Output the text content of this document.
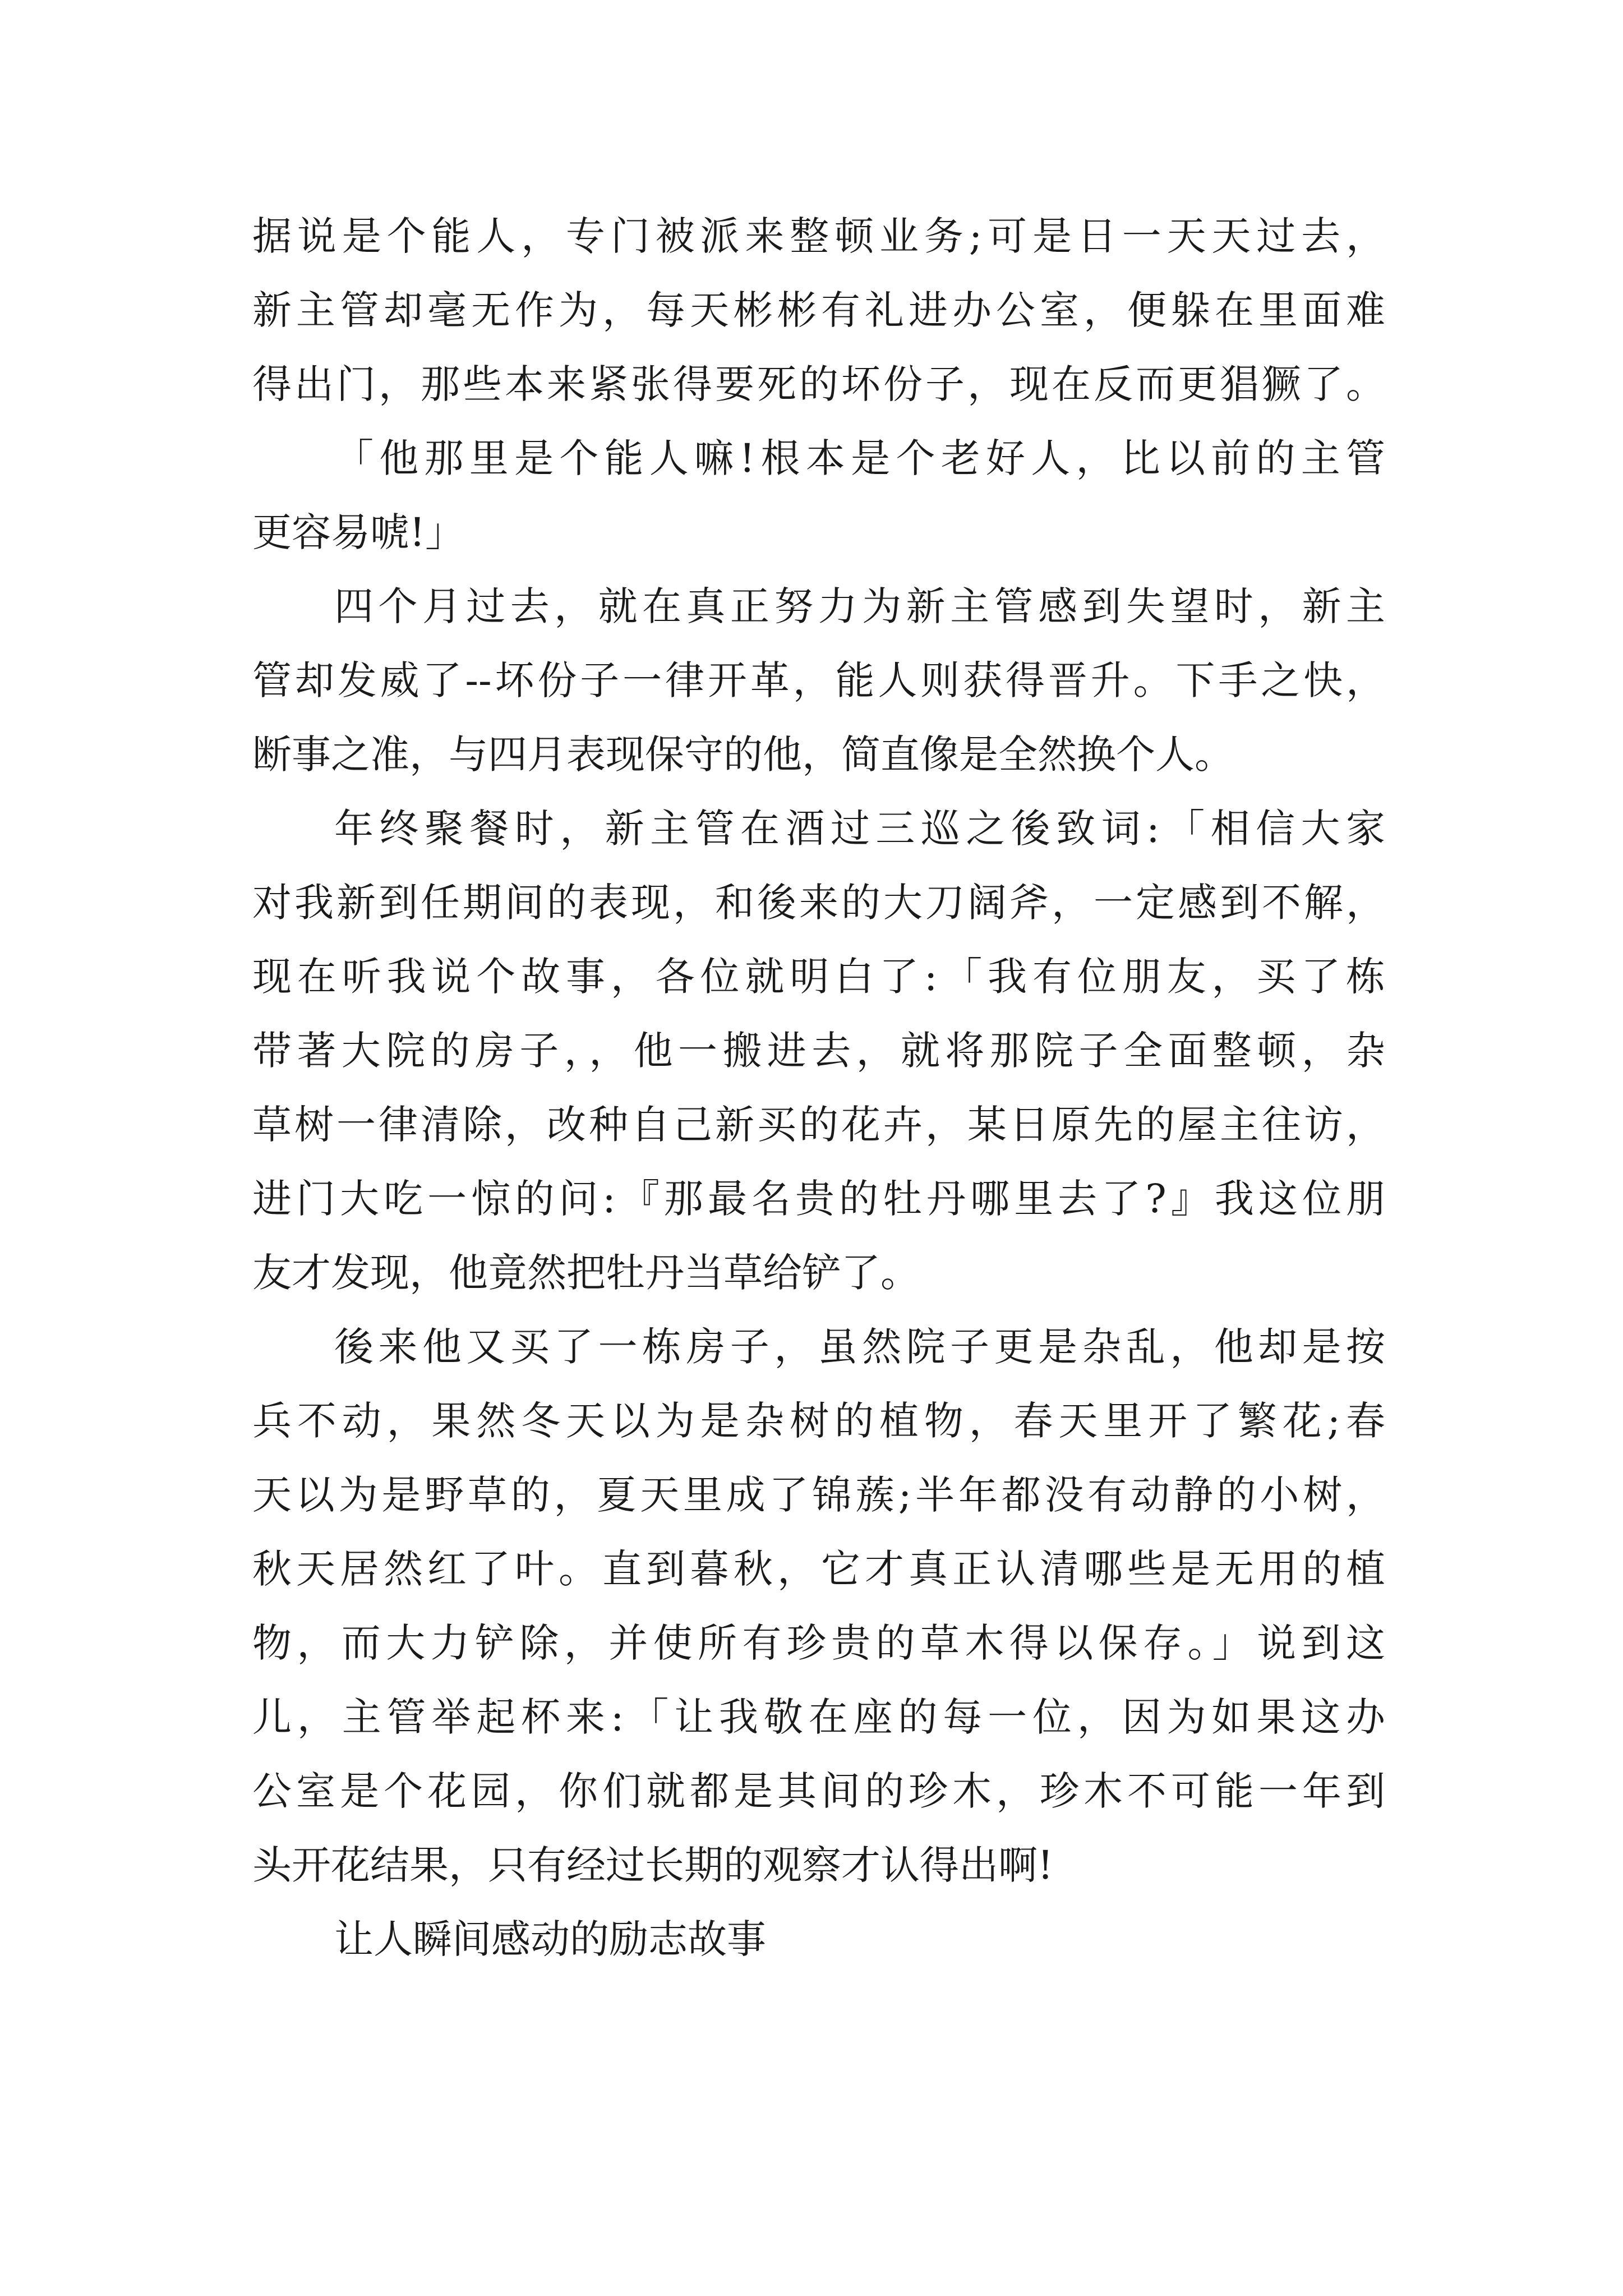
据说是个能人，专门被派来整顿业务;可是日一天天过去，
新主管却毫无作为，每天彬彬有礼进办公室，便躲在里面难
得出门，那些本来紧张得要死的坏份子，现在反而更猖獗了。
「他那里是个能人嘛!根本是个老好人，比以前的主管
更容易唬!」
四个月过去，就在真正努力为新主管感到失望时，新主
管却发威了--坏份子一律开革，能人则获得晋升。下手之快，
断事之准，与四月表现保守的他，简直像是全然换个人。
年终聚餐时，新主管在酒过三巡之後致词:「相信大家
对我新到任期间的表现，和後来的大刀阔斧，一定感到不解，
现在听我说个故事，各位就明白了:「我有位朋友，买了栋
带著大院的房子，，他一搬进去，就将那院子全面整顿，杂
草树一律清除，改种自己新买的花卉，某日原先的屋主往访，
进门大吃一惊的问:『那最名贵的牡丹哪里去了?』我这位朋
友才发现，他竟然把牡丹当草给铲了。
後来他又买了一栋房子，虽然院子更是杂乱，他却是按
兵不动，果然冬天以为是杂树的植物，春天里开了繁花;春
天以为是野草的，夏天里成了锦蔟;半年都没有动静的小树，
秋天居然红了叶。直到暮秋，它才真正认清哪些是无用的植
物，而大力铲除，并使所有珍贵的草木得以保存。」说到这
儿，主管举起杯来:「让我敬在座的每一位，因为如果这办
公室是个花园，你们就都是其间的珍木，珍木不可能一年到
头开花结果，只有经过长期的观察才认得出啊!
让人瞬间感动的励志故事
